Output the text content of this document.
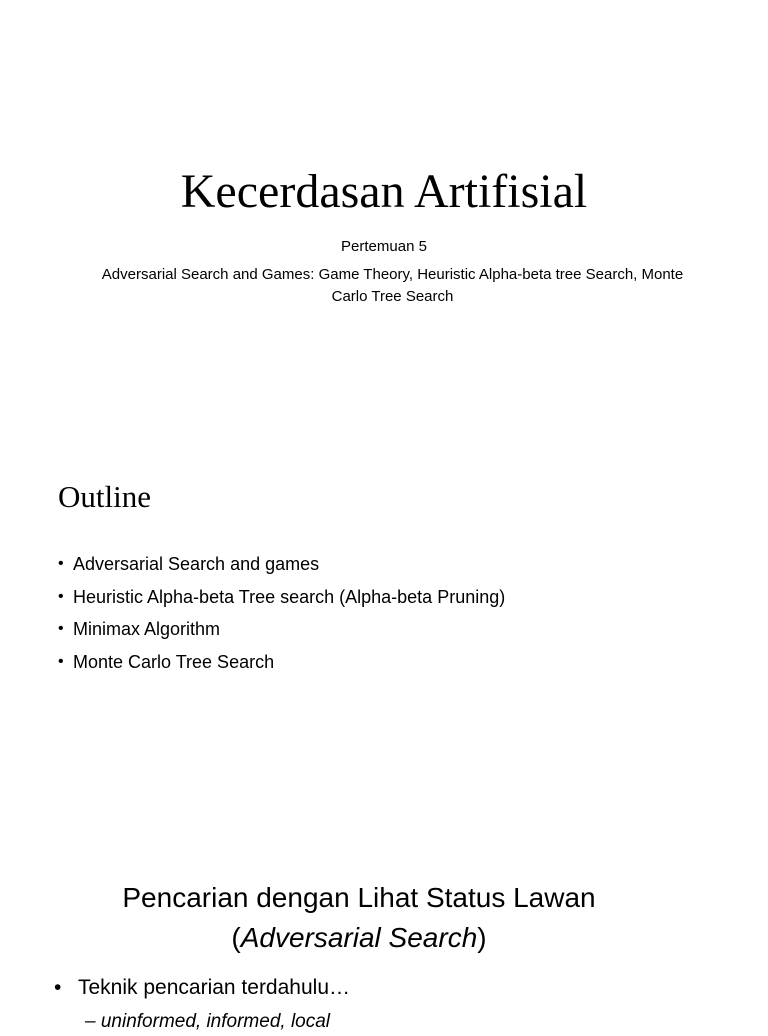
Kecerdasan Artifisial
Pertemuan 5
Adversarial Search and Games: Game Theory, Heuristic Alpha-beta tree Search, Monte Carlo Tree Search
Outline
• Adversarial Search and games
• Heuristic Alpha-beta Tree search (Alpha-beta Pruning)
• Minimax Algorithm
• Monte Carlo Tree Search
Pencarian dengan Lihat Status Lawan
(Adversarial Search)
• Teknik pencarian terdahulu…
– uninformed, informed, local
